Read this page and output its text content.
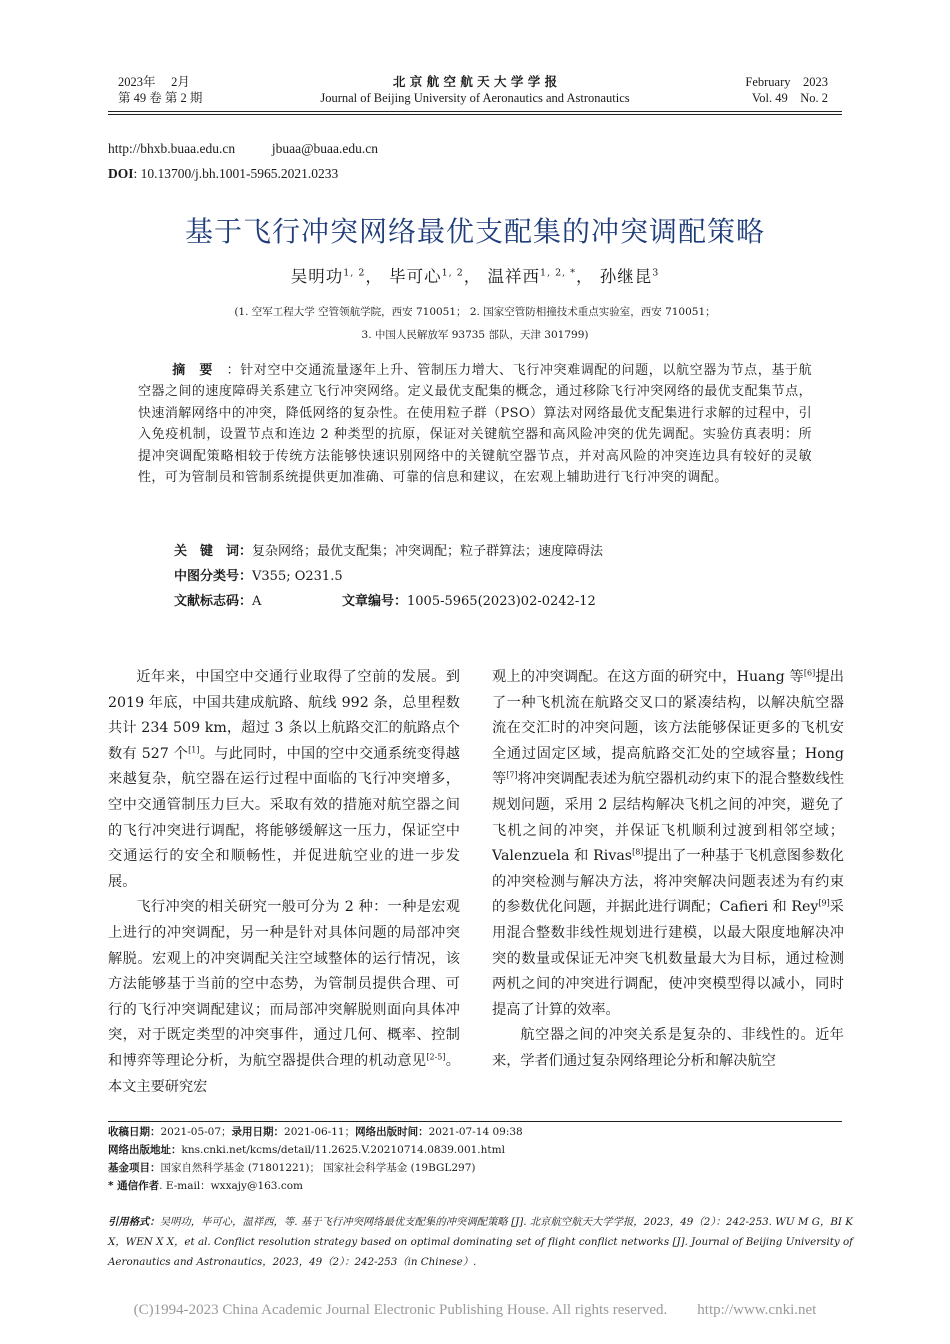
2023年　 2月
第 49 卷 第 2 期
北 京 航 空 航 天 大 学 学 报
Journal of Beijing University of Aeronautics and Astronautics
February　2023
Vol. 49　No. 2
http://bhxb.buaa.edu.cn	jbuaa@buaa.edu.cn
DOI: 10.13700/j.bh.1001-5965.2021.0233
基于飞行冲突网络最优支配集的冲突调配策略
吴明功$^{1, 2}$， 毕可心$^{1, 2}$， 温祥西$^{1, 2, *}$， 孙继昆$^3$
(1. 空军工程大学 空管领航学院，西安 710051； 2. 国家空管防相撞技术重点实验室，西安 710051；
3. 中国人民解放军 93735 部队，天津 301799)
摘要：针对空中交通流量逐年上升、管制压力增大、飞行冲突难调配的问题，以航空器为节点，基于航空器之间的速度障碍关系建立飞行冲突网络。定义最优支配集的概念，通过移除飞行冲突网络的最优支配集节点，快速消解网络中的冲突，降低网络的复杂性。在使用粒子群（PSO）算法对网络最优支配集进行求解的过程中，引入免疫机制，设置节点和连边 2 种类型的抗原，保证对关键航空器和高风险冲突的优先调配。实验仿真表明：所提冲突调配策略相较于传统方法能够快速识别网络中的关键航空器节点，并对高风险的冲突连边具有较好的灵敏性，可为管制员和管制系统提供更加准确、可靠的信息和建议，在宏观上辅助进行飞行冲突的调配。
关　键　词：复杂网络；最优支配集；冲突调配；粒子群算法；速度障碍法
中图分类号：V355; O231.5
文献标志码：A	文章编号：1005-5965(2023)02-0242-12

近年来，中国空中交通行业取得了空前的发展。到 2019 年底，中国共建成航路、航线 992 条，总里程数共计 234 509 km，超过 3 条以上航路交汇的航路点个数有 527 个[1]。与此同时，中国的空中交通系统变得越来越复杂，航空器在运行过程中面临的飞行冲突增多，空中交通管制压力巨大。采取有效的措施对航空器之间的飞行冲突进行调配，将能够缓解这一压力，保证空中交通运行的安全和顺畅性，并促进航空业的进一步发展。

飞行冲突的相关研究一般可分为 2 种：一种是宏观上进行的冲突调配，另一种是针对具体问题的局部冲突解脱。宏观上的冲突调配关注空域整体的运行情况，该方法能够基于当前的空中态势，为管制员提供合理、可行的飞行冲突调配建议；而局部冲突解脱则面向具体冲突，对于既定类型的冲突事件，通过几何、概率、控制和博弈等理论分析，为航空器提供合理的机动意见[2-5]。本文主要研究宏

观上的冲突调配。在这方面的研究中，Huang 等[6]提出了一种飞机流在航路交叉口的紧凑结构，以解决航空器流在交汇时的冲突问题，该方法能够保证更多的飞机安全通过固定区域，提高航路交汇处的空域容量；Hong 等[7]将冲突调配表述为航空器机动约束下的混合整数线性规划问题，采用 2 层结构解决飞机之间的冲突，避免了飞机之间的冲突，并保证飞机顺利过渡到相邻空域；Valenzuela 和 Rivas[8]提出了一种基于飞机意图参数化的冲突检测与解决方法，将冲突解决问题表述为有约束的参数优化问题，并据此进行调配；Cafieri 和 Rey[9]采用混合整数非线性规划进行建模，以最大限度地解决冲突的数量或保证无冲突飞机数量最大为目标，通过检测两机之间的冲突进行调配，使冲突模型得以减小，同时提高了计算的效率。

航空器之间的冲突关系是复杂的、非线性的。近年来，学者们通过复杂网络理论分析和解决航空

收稿日期：2021-05-07；录用日期：2021-06-11；网络出版时间：2021-07-14 09:38
网络出版地址：kns.cnki.net/kcms/detail/11.2625.V.20210714.0839.001.html
基金项目：国家自然科学基金 (71801221)； 国家社会科学基金 (19BGL297)
* 通信作者. E-mail：wxxajy@163.com
引用格式：吴明功，毕可心，温祥西，等. 基于飞行冲突网络最优支配集的冲突调配策略 [J]. 北京航空航天大学学报，2023，49（2）：242-253. WU M G，BI K X，WEN X X，et al. Conflict resolution strategy based on optimal dominating set of flight conflict networks [J]. Journal of Beijing University of Aeronautics and Astronautics，2023，49（2）：242-253（in Chinese）.
(C)1994-2023 China Academic Journal Electronic Publishing House. All rights reserved.　　http://www.cnki.net
